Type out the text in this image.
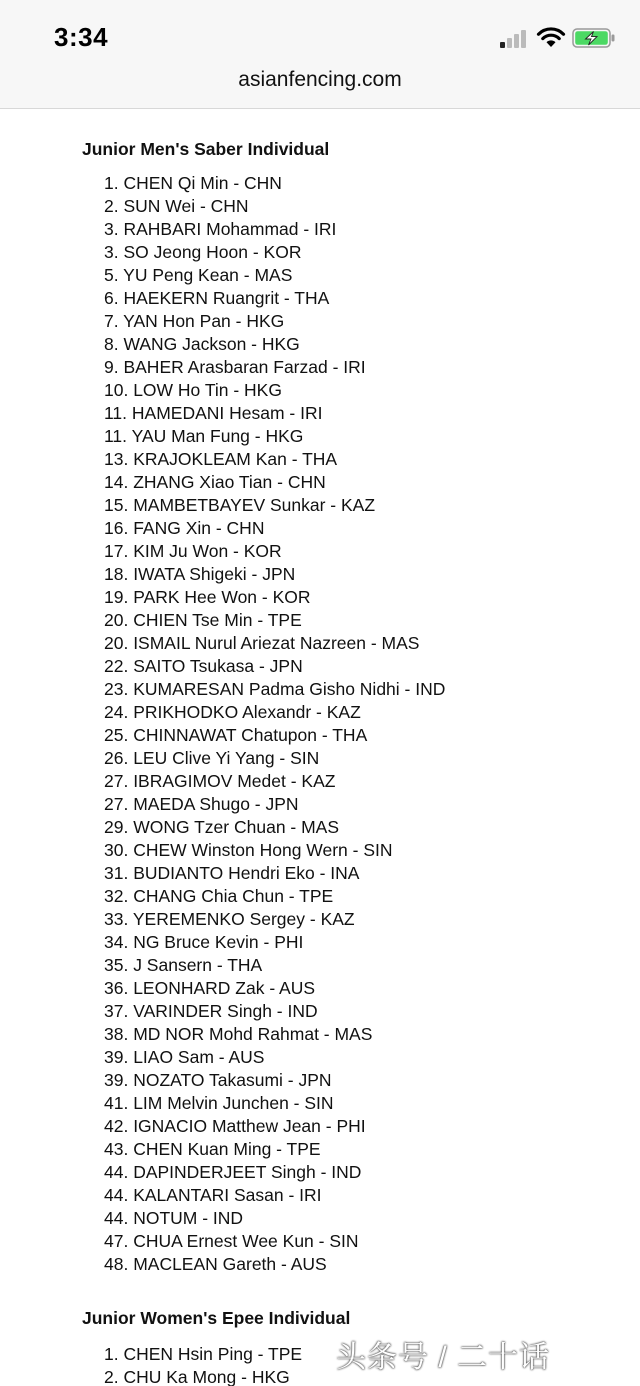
3:34
asianfencing.com
Junior Men's Saber Individual
1. CHEN Qi Min - CHN
2. SUN Wei - CHN
3. RAHBARI Mohammad - IRI
3. SO Jeong Hoon - KOR
5. YU Peng Kean - MAS
6. HAEKERN Ruangrit - THA
7. YAN Hon Pan - HKG
8. WANG Jackson - HKG
9. BAHER Arasbaran Farzad - IRI
10. LOW Ho Tin - HKG
11. HAMEDANI Hesam - IRI
11. YAU Man Fung - HKG
13. KRAJOKLEAM Kan - THA
14. ZHANG Xiao Tian - CHN
15. MAMBETBAYEV Sunkar - KAZ
16. FANG Xin - CHN
17. KIM Ju Won - KOR
18. IWATA Shigeki - JPN
19. PARK Hee Won - KOR
20. CHIEN Tse Min - TPE
20. ISMAIL Nurul Ariezat Nazreen - MAS
22. SAITO Tsukasa - JPN
23. KUMARESAN Padma Gisho Nidhi - IND
24. PRIKHODKO Alexandr - KAZ
25. CHINNAWAT Chatupon - THA
26. LEU Clive Yi Yang - SIN
27. IBRAGIMOV Medet - KAZ
27. MAEDA Shugo - JPN
29. WONG Tzer Chuan - MAS
30. CHEW Winston Hong Wern - SIN
31. BUDIANTO Hendri Eko - INA
32. CHANG Chia Chun - TPE
33. YEREMENKO Sergey - KAZ
34. NG Bruce Kevin - PHI
35. J Sansern - THA
36. LEONHARD Zak - AUS
37. VARINDER Singh - IND
38. MD NOR Mohd Rahmat - MAS
39. LIAO Sam - AUS
39. NOZATO Takasumi - JPN
41. LIM Melvin Junchen - SIN
42. IGNACIO Matthew Jean - PHI
43. CHEN Kuan Ming - TPE
44. DAPINDERJEET Singh - IND
44. KALANTARI Sasan - IRI
44. NOTUM - IND
47. CHUA Ernest Wee Kun - SIN
48. MACLEAN Gareth - AUS
Junior Women's Epee Individual
1. CHEN Hsin Ping - TPE
2. CHU Ka Mong - HKG
头条号 / 二十话
